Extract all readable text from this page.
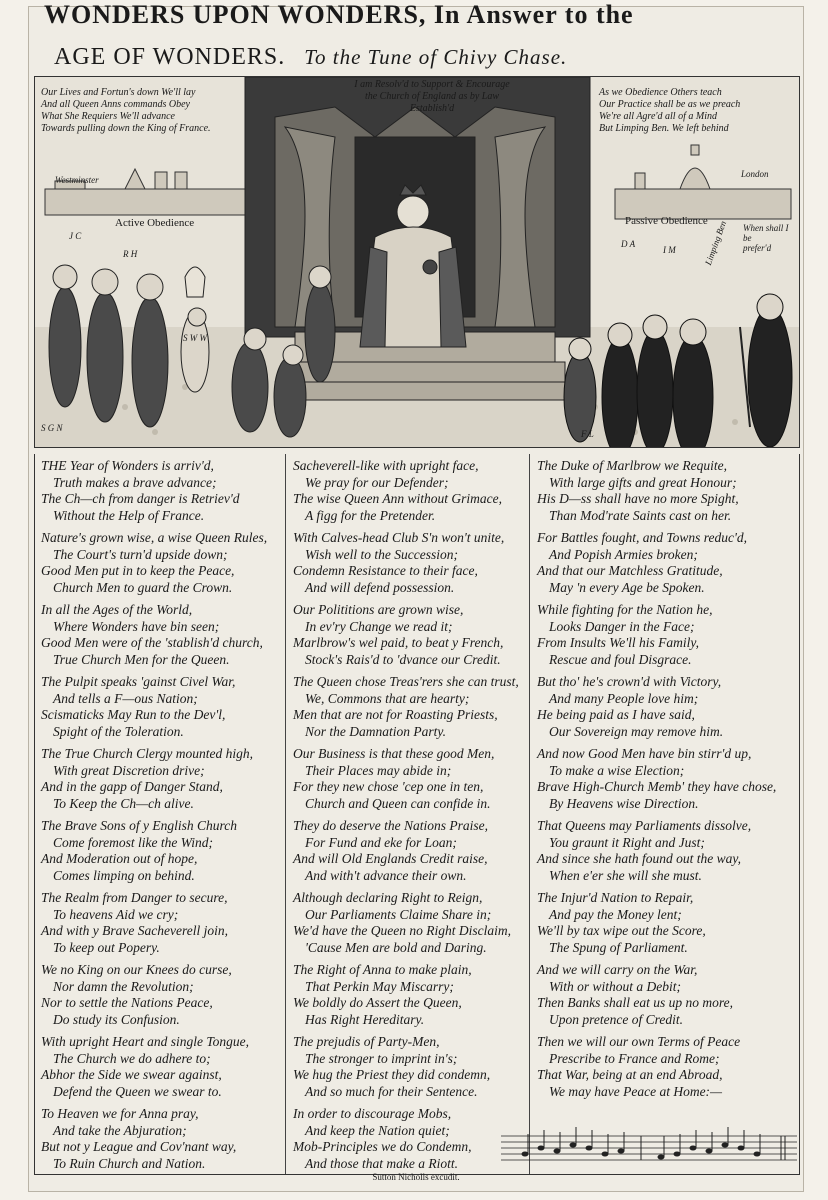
WONDERS UPON WONDERS, In Answer to the
AGE OF WONDERS. To the Tune of Chivy Chase.
Our Lives and Fortun's down We'll lay
And all Queen Anns commands Obey
What She Requiers We'll advance
Towards pulling down the King of France.
I am Resolv'd to Support & Encourage
the Church of England as by Law
Establish'd
As we Obedience Others teach
Our Practice shall be as we preach
We're all Agre'd all of a Mind
But Limping Ben. We left behind
Westminster
London
Active Obedience	Passive Obedience
When shall I be
prefer'd
J C
R H
S W W
S G N
D A
I M
F L
Limping Ben
THE Year of Wonders is arriv'd,
Truth makes a brave advance;
The Ch—ch from danger is Retriev'd
Without the Help of France.
Nature's grown wise, a wise Queen Rules,
The Court's turn'd upside down;
Good Men put in to keep the Peace,
Church Men to guard the Crown.
In all the Ages of the World,
Where Wonders have bin seen;
Good Men were of the 'stablish'd church,
True Church Men for the Queen.
The Pulpit speaks 'gainst Civel War,
And tells a F—ous Nation;
Scismaticks May Run to the Dev'l,
Spight of the Toleration.
The True Church Clergy mounted high,
With great Discretion drive;
And in the gapp of Danger Stand,
To Keep the Ch—ch alive.
The Brave Sons of y English Church
Come foremost like the Wind;
And Moderation out of hope,
Comes limping on behind.
The Realm from Danger to secure,
To heavens Aid we cry;
And with y Brave Sacheverell join,
To keep out Popery.
We no King on our Knees do curse,
Nor damn the Revolution;
Nor to settle the Nations Peace,
Do study its Confusion.
With upright Heart and single Tongue,
The Church we do adhere to;
Abhor the Side we swear against,
Defend the Queen we swear to.
To Heaven we for Anna pray,
And take the Abjuration;
But not y League and Cov'nant way,
To Ruin Church and Nation.
Sacheverell-like with upright face,
We pray for our Defender;
The wise Queen Ann without Grimace,
A figg for the Pretender.
With Calves-head Club S'n won't unite,
Wish well to the Succession;
Condemn Resistance to their face,
And will defend possession.
Our Polititions are grown wise,
In ev'ry Change we read it;
Marlbrow's wel paid, to beat y French,
Stock's Rais'd to 'dvance our Credit.
The Queen chose Treas'rers she can trust,
We, Commons that are hearty;
Men that are not for Roasting Priests,
Nor the Damnation Party.
Our Business is that these good Men,
Their Places may abide in;
For they new chose 'cep one in ten,
Church and Queen can confide in.
They do deserve the Nations Praise,
For Fund and eke for Loan;
And will Old Englands Credit raise,
And with't advance their own.
Although declaring Right to Reign,
Our Parliaments Claime Share in;
We'd have the Queen no Right Disclaim,
'Cause Men are bold and Daring.
The Right of Anna to make plain,
That Perkin May Miscarry;
We boldly do Assert the Queen,
Has Right Hereditary.
The prejudis of Party-Men,
The stronger to imprint in's;
We hug the Priest they did condemn,
And so much for their Sentence.
In order to discourage Mobs,
And keep the Nation quiet;
Mob-Principles we do Condemn,
And those that make a Riott.
The Duke of Marlbrow we Requite,
With large gifts and great Honour;
His D—ss shall have no more Spight,
Than Mod'rate Saints cast on her.
For Battles fought, and Towns reduc'd,
And Popish Armies broken;
And that our Matchless Gratitude,
May 'n every Age be Spoken.
While fighting for the Nation he,
Looks Danger in the Face;
From Insults We'll his Family,
Rescue and foul Disgrace.
But tho' he's crown'd with Victory,
And many People love him;
He being paid as I have said,
Our Sovereign may remove him.
And now Good Men have bin stirr'd up,
To make a wise Election;
Brave High-Church Memb' they have chose,
By Heavens wise Direction.
That Queens may Parliaments dissolve,
You graunt it Right and Just;
And since she hath found out the way,
When e'er she will she must.
The Injur'd Nation to Repair,
And pay the Money lent;
We'll by tax wipe out the Score,
The Spung of Parliament.
And we will carry on the War,
With or without a Debit;
Then Banks shall eat us up no more,
Upon pretence of Credit.
Then we will our own Terms of Peace
Prescribe to France and Rome;
That War, being at an end Abroad,
We may have Peace at Home:—
Sutton Nicholls excudit.
